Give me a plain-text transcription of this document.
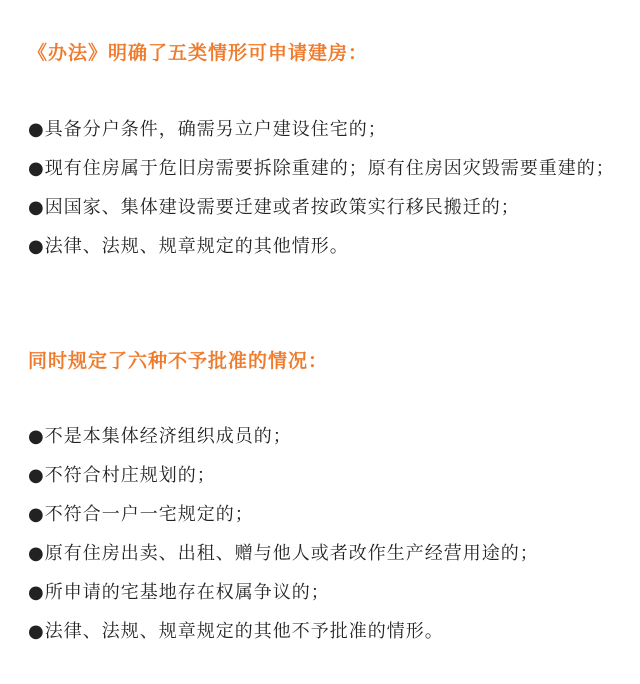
《办法》明确了五类情形可申请建房：
●具备分户条件，确需另立户建设住宅的；
●现有住房属于危旧房需要拆除重建的；原有住房因灾毁需要重建的；
●因国家、集体建设需要迁建或者按政策实行移民搬迁的；
●法律、法规、规章规定的其他情形。
同时规定了六种不予批准的情况：
●不是本集体经济组织成员的；
●不符合村庄规划的；
●不符合一户一宅规定的；
●原有住房出卖、出租、赠与他人或者改作生产经营用途的；
●所申请的宅基地存在权属争议的；
●法律、法规、规章规定的其他不予批准的情形。
